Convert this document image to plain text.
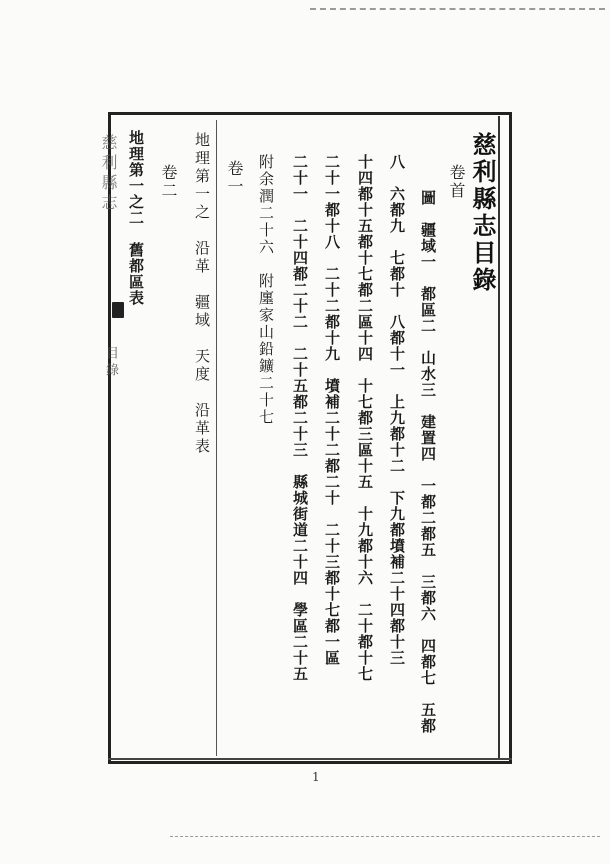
慈利縣志目錄
卷首
圖　疆域一　都區二　山水三　建置四　一都二都五　三都六　四都七　五都
八　六都九　七都十　八都十一　上九都十二　下九都墳補二十四都十三
十四都十五都十七都二區十四　十七都三區十五　十九都十六　二十都十七
二十一都十八　二十二都十九　墳補二十二都二十　二十三都十七都一區
二十一　二十四都二十二　二十五都二十三　縣城街道二十四　學區二十五
附余潤二十六　附廛家山鉛鑛二十七
卷一
地理第一之　沿革　疆域　天度　沿革表
卷二
地理第一之二　舊都區表
慈利縣志
目錄
1
